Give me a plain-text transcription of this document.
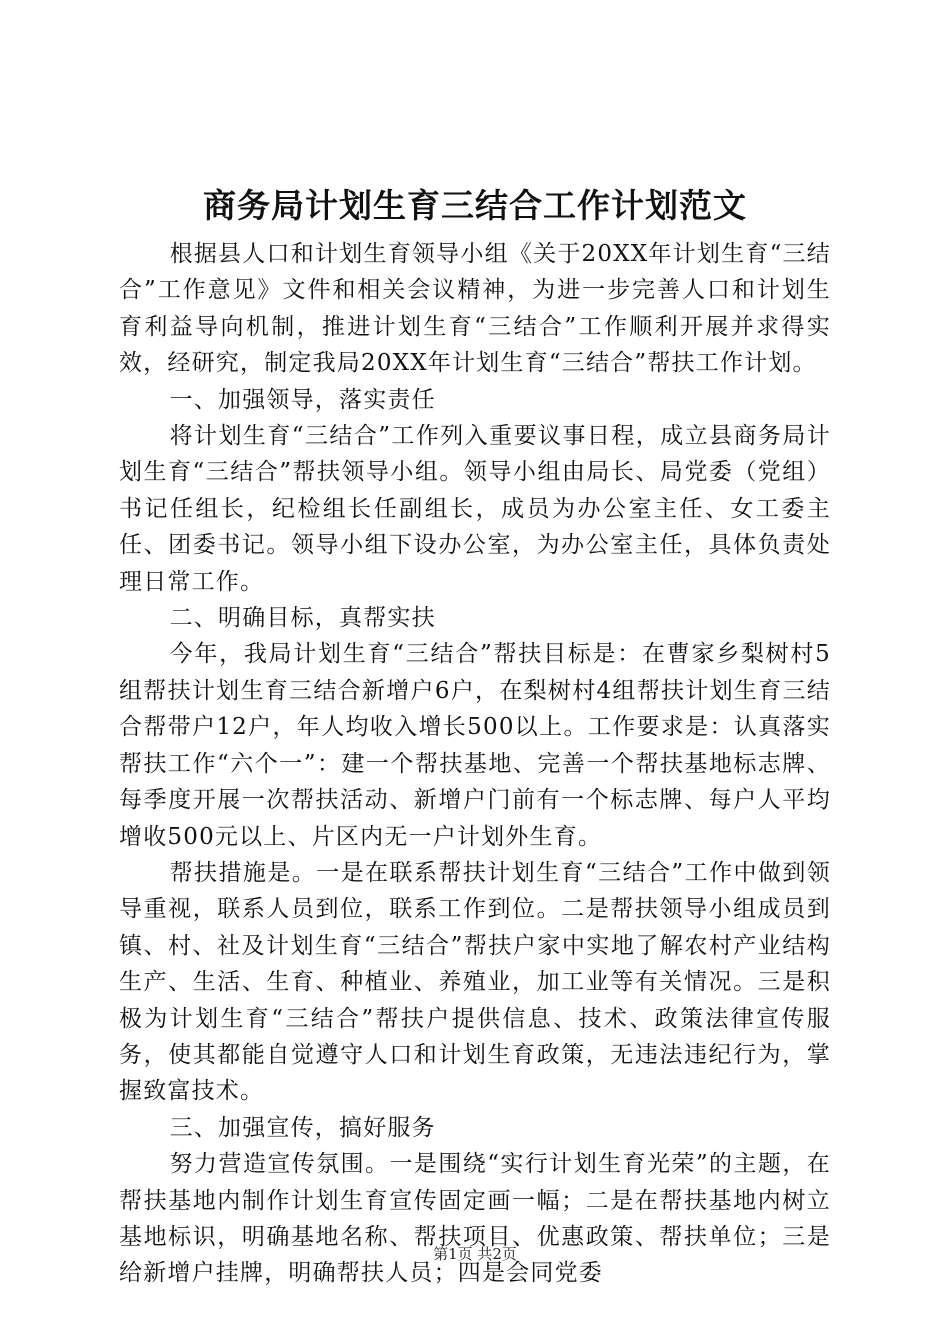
商务局计划生育三结合工作计划范文

根据县人口和计划生育领导小组《关于20XX年计划生育“三结合”工作意见》文件和相关会议精神，为进一步完善人口和计划生育利益导向机制，推进计划生育“三结合”工作顺利开展并求得实效，经研究，制定我局20XX年计划生育“三结合”帮扶工作计划。

一、加强领导，落实责任

将计划生育“三结合”工作列入重要议事日程，成立县商务局计划生育“三结合”帮扶领导小组。领导小组由局长、局党委（党组）书记任组长，纪检组长任副组长，成员为办公室主任、女工委主任、团委书记。领导小组下设办公室，为办公室主任，具体负责处理日常工作。

二、明确目标，真帮实扶

今年，我局计划生育“三结合”帮扶目标是：在曹家乡梨树村5组帮扶计划生育三结合新增户6户，在梨树村4组帮扶计划生育三结合帮带户12户，年人均收入增长500以上。工作要求是：认真落实帮扶工作“六个一”：建一个帮扶基地、完善一个帮扶基地标志牌、每季度开展一次帮扶活动、新增户门前有一个标志牌、每户人平均增收500元以上、片区内无一户计划外生育。

帮扶措施是。一是在联系帮扶计划生育“三结合”工作中做到领导重视，联系人员到位，联系工作到位。二是帮扶领导小组成员到镇、村、社及计划生育“三结合”帮扶户家中实地了解农村产业结构生产、生活、生育、种植业、养殖业，加工业等有关情况。三是积极为计划生育“三结合”帮扶户提供信息、技术、政策法律宣传服务，使其都能自觉遵守人口和计划生育政策，无违法违纪行为，掌握致富技术。

三、加强宣传，搞好服务

努力营造宣传氛围。一是围绕“实行计划生育光荣”的主题，在帮扶基地内制作计划生育宣传固定画一幅；二是在帮扶基地内树立基地标识，明确基地名称、帮扶项目、优惠政策、帮扶单位；三是给新增户挂牌，明确帮扶人员；四是会同党委

第1页 共2页
